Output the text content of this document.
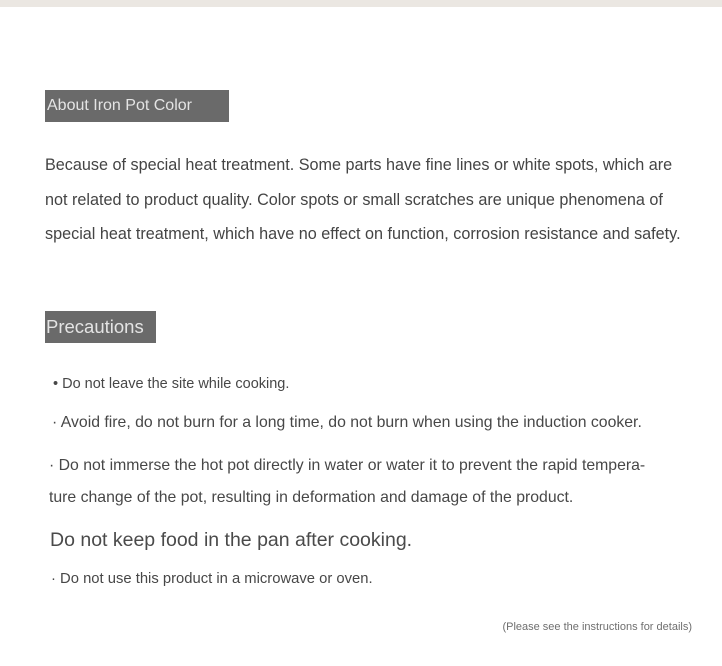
About Iron Pot Color
Because of special heat treatment. Some parts have fine lines or white spots, which are not related to product quality. Color spots or small scratches are unique phenomena of special heat treatment, which have no effect on function, corrosion resistance and safety.
Precautions
• Do not leave the site while cooking.
· Avoid fire, do not burn for a long time, do not burn when using the induction cooker.
· Do not immerse the hot pot directly in water or water it to prevent the rapid tempera-
ture change of the pot, resulting in deformation and damage of the product.
Do not keep food in the pan after cooking.
· Do not use this product in a microwave or oven.
(Please see the instructions for details)
